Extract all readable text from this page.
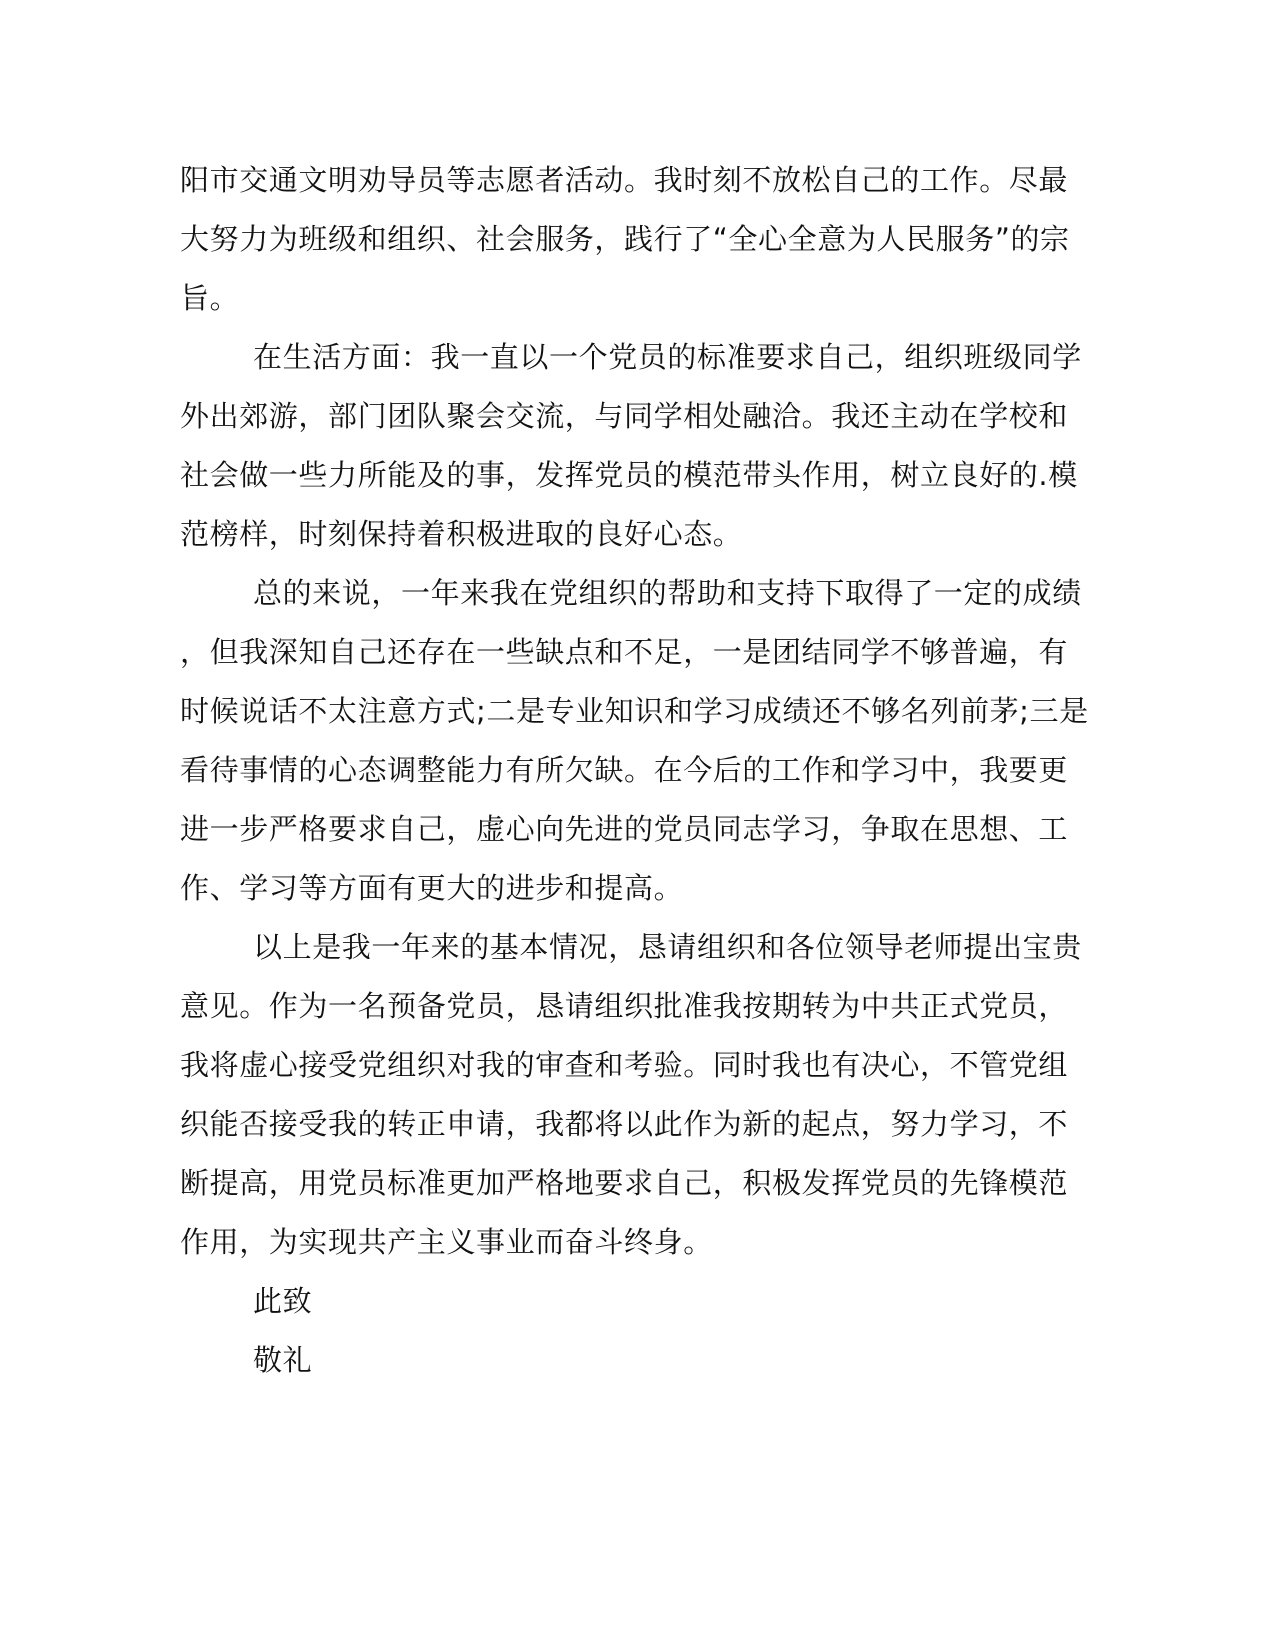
阳市交通文明劝导员等志愿者活动。我时刻不放松自己的工作。尽最
大努力为班级和组织、社会服务，践行了“全心全意为人民服务”的宗
旨。
在生活方面：我一直以一个党员的标准要求自己，组织班级同学
外出郊游，部门团队聚会交流，与同学相处融洽。我还主动在学校和
社会做一些力所能及的事，发挥党员的模范带头作用，树立良好的.模
范榜样，时刻保持着积极进取的良好心态。
总的来说，一年来我在党组织的帮助和支持下取得了一定的成绩
，但我深知自己还存在一些缺点和不足，一是团结同学不够普遍，有
时候说话不太注意方式;二是专业知识和学习成绩还不够名列前茅;三是
看待事情的心态调整能力有所欠缺。在今后的工作和学习中，我要更
进一步严格要求自己，虚心向先进的党员同志学习，争取在思想、工
作、学习等方面有更大的进步和提高。
以上是我一年来的基本情况，恳请组织和各位领导老师提出宝贵
意见。作为一名预备党员，恳请组织批准我按期转为中共正式党员，
我将虚心接受党组织对我的审查和考验。同时我也有决心，不管党组
织能否接受我的转正申请，我都将以此作为新的起点，努力学习，不
断提高，用党员标准更加严格地要求自己，积极发挥党员的先锋模范
作用，为实现共产主义事业而奋斗终身。
此致
敬礼
